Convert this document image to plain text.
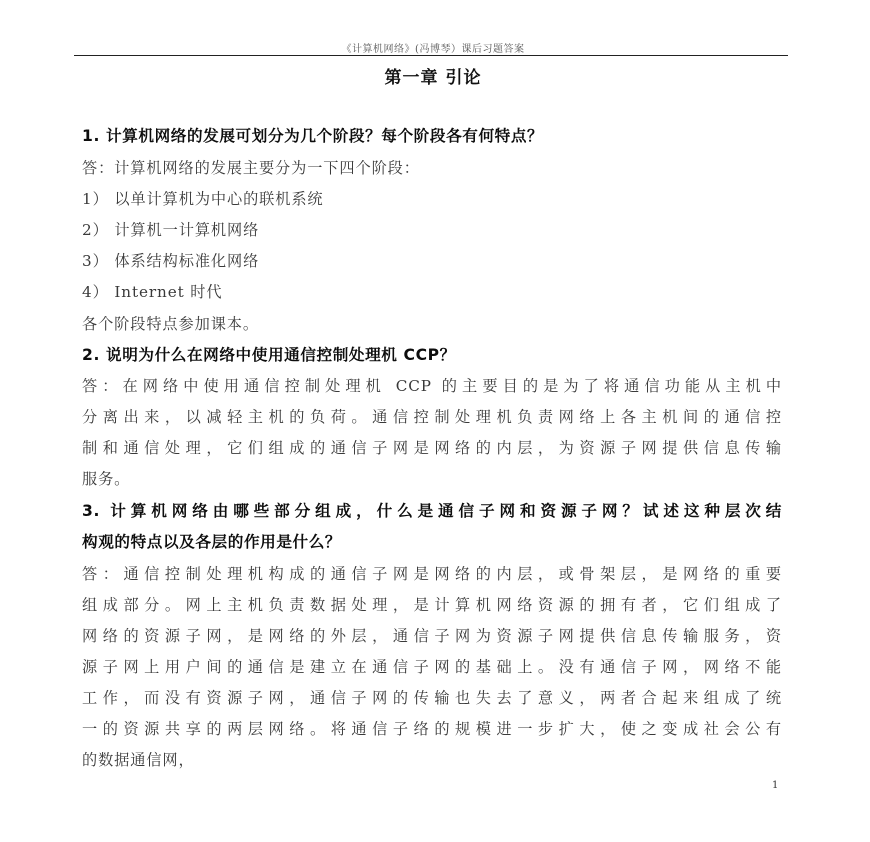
《计算机网络》(冯博琴）课后习题答案
第一章 引论
1. 计算机网络的发展可划分为几个阶段？每个阶段各有何特点？
答：计算机网络的发展主要分为一下四个阶段：
1） 以单计算机为中心的联机系统
2） 计算机一计算机网络
3） 体系结构标准化网络
4） Internet 时代
各个阶段特点参加课本。
2. 说明为什么在网络中使用通信控制处理机 CCP？
答：在网络中使用通信控制处理机 CCP 的主要目的是为了将通信功能从主机中
分离出来，以减轻主机的负荷。通信控制处理机负责网络上各主机间的通信控
制和通信处理，它们组成的通信子网是网络的内层，为资源子网提供信息传输
服务。
3. 计算机网络由哪些部分组成，什么是通信子网和资源子网？试述这种层次结
构观的特点以及各层的作用是什么？
答：通信控制处理机构成的通信子网是网络的内层，或骨架层，是网络的重要
组成部分。网上主机负责数据处理，是计算机网络资源的拥有者，它们组成了
网络的资源子网，是网络的外层，通信子网为资源子网提供信息传输服务，资
源子网上用户间的通信是建立在通信子网的基础上。没有通信子网，网络不能
工作，而没有资源子网，通信子网的传输也失去了意义，两者合起来组成了统
一的资源共享的两层网络。将通信子络的规模进一步扩大，使之变成社会公有
的数据通信网，
1
